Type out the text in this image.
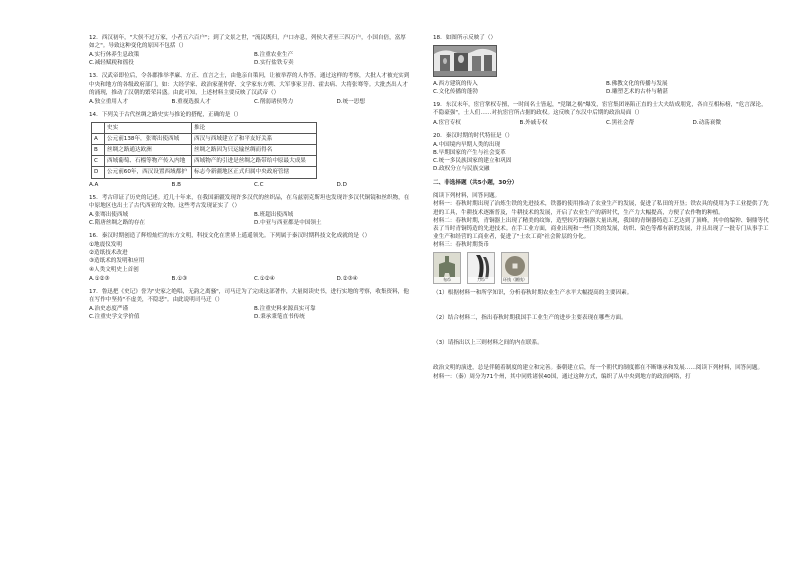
12．西汉初年，"大侯不过万家，小者五六百户"；到了文景之世，"流民既归，户口亦息，列侯大者至三四万户，小国自倍，富厚如之"。导致这种变化的原因不包括（）

A.实行休养生息政策	B.注重农业生产
C.减轻赋税和徭役	D.实行盐铁专卖

13．汉武帝即位后，令各郡推举孝廉、方正、直言之士，由他亲自策问，让被举荐的人作答。通过这样的考察，大批人才被充实到中央和地方的各级政府部门，如：大经学家、政治家董仲舒、文学家东方朔、大军事家卫青、霍去病、大将张骞等。大批杰出人才的涌现，推动了汉朝的繁荣昌盛。由此可知，上述材料主要反映了汉武帝（）

A.独立重用人才	B.重视选拔人才	C.削弱诸侯势力	D.统一思想

14．下列关于古代丝绸之路史实与推论的搭配，正确的是（）

	史实	推论
A	公元前138年，张骞出使西域	西汉与西域建立了和平友好关系
B	丝绸之路通达欧洲	丝绸之路因为只运输丝绸而得名
C	西域葡萄、石榴等物产传入内地	西域物产的引进是丝绸之路带给中原最大成果
D	公元前60年，西汉设置西域都护	标志今新疆地区正式归属中央政府管辖
A.A	B.B	C.C	D.D

15．考古印证了历史的记述。近几十年来，在我国新疆发现许多汉代的丝织品，在乌兹别克斯坦也发现许多汉代铜镜和丝织物，在中原地区也出土了古代西亚的文物。这些考古发现证实了（）

A.张骞出使西域	B.班超出使西域
C.隋唐丝绸之路的存在	D.中亚与西亚都是中国领土

16．秦汉时期创造了辉煌灿烂的东方文明，科技文化在世界上遥遥领先。下列属于秦汉时期科技文化成就的是（）

①地震仪发明
②造纸技术改进
③造纸术的发明和应用
④人类文明史上首创
A.①②③	B.①③	C.①②④	D.②③④

17．鲁迅把《史记》誉为"史家之绝唱，无韵之离骚"，司马迁为了完成这部著作，大量阅读史书，进行实地的考察，收集资料，他在写作中坚持"不虚美，不隐恶"。由此说明司马迁（）

A.治史态度严谨	B.注重史料来源真实可靠
C.注重史学文学价值	D.秉承秉笔直书传统

18．如图所示反映了（）

A.西方建筑的传入	B.佛教文化的传播与发展
C.文化传播的蓬勃	D.雕塑艺术的古朴与精湛

19．东汉末年，宦官掌权专擅，一时间名士皆起，"党锢之祸"爆发，宦官集团诬陷正直的士大夫结成朋党，各自互相标榜，"危言深论，不隐豪强"，士人们……对抗宦官所占据的政权。这反映了东汉中后期的政治局面（）

A.宦官专权	B.外戚专权	C.黑社会帮	D.动荡衰微

20．秦汉时期的时代特征是（）

A.中国境内早期人类的出现
B.早期国家的产生与社会变革
C.统一多民族国家的建立和巩固
D.政权分立与民族交融
二、非选择题（共5小题，30分）

阅读下列材料，回答问题。

材料一：春秋时期出现了冶炼生铁的先进技术，铁器的使用推动了农业生产的发展，促进了私田的开垦；铁农具的使用为手工业提供了先进的工具，牛耕技术逐渐普及，牛耕技术的发展，开启了农业生产的新时代，生产力大幅提高，方便了农作物的种植。

材料二：春秋时期，青铜器上出现了精美的纹饰，造型较巧的铜器大量出现，我国的青铜器铸造工艺达到了顶峰，其中的编钟、铜鼎等代表了当时青铜铸造的先进技术。在手工业方面，商业出现和一些门类的发展，纺织、染色等都有新的发展，并且出现了一批专门从事手工业生产和经营的工商业者，促进了"士农工商"社会阶层的分化。

材料三：春秋时期货币

布币	刀币	环钱（圜钱）

（1）根据材料一和所学知识，分析春秋时期农业生产水平大幅提高的主要因素。

（2）结合材料二，指出春秋时期我国手工业生产的进步主要表现在哪些方面。

（3）请指出以上三则材料之间的内在联系。

政治文明的演进，总是伴随着制度的建立和完善。秦朝建立后，每一个朝代的制度都在不断继承和发展……阅读下列材料，回答问题。

材料一：（秦）周分为71个州，其中同姓诸侯40国，通过这种方式，编织了从中央到地方的政治网络，打
